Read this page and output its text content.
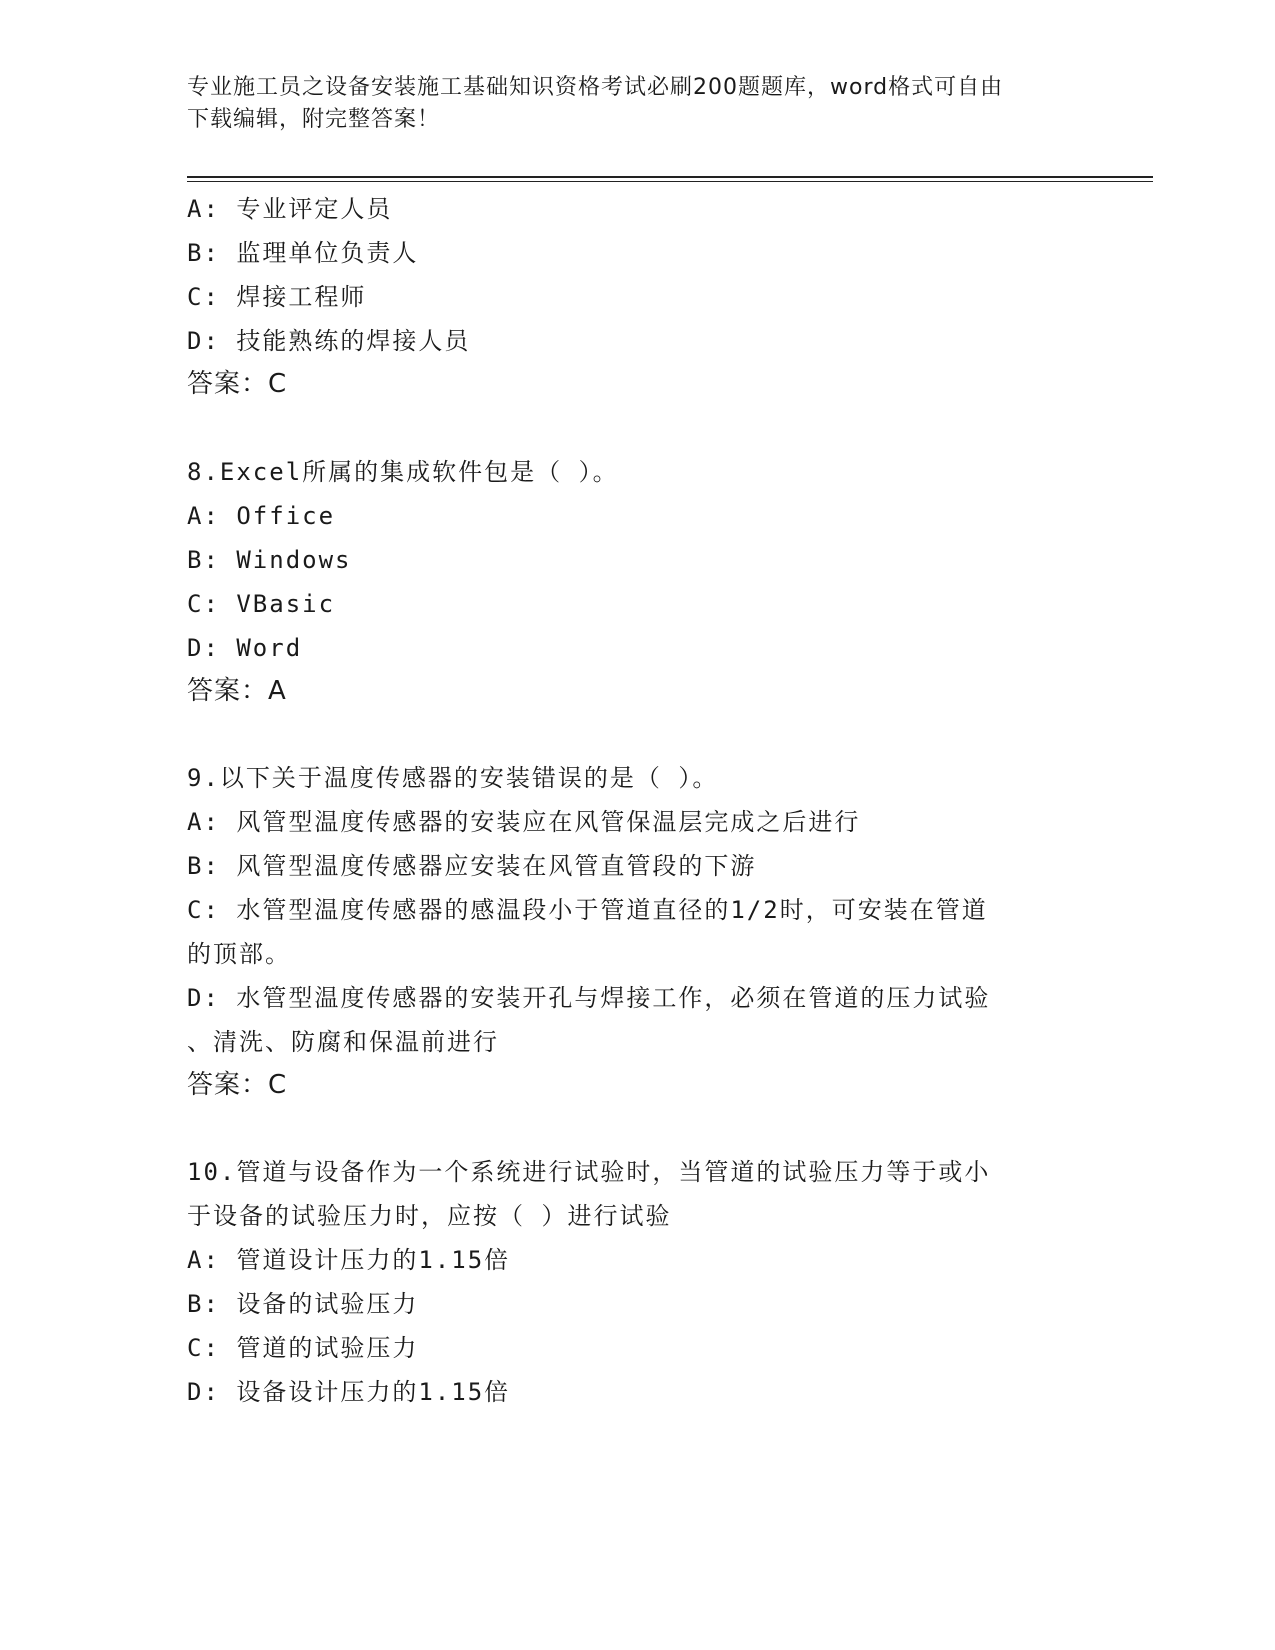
专业施工员之设备安装施工基础知识资格考试必刷200题题库，word格式可自由
下载编辑，附完整答案！
A: 专业评定人员
B: 监理单位负责人
C: 焊接工程师
D: 技能熟练的焊接人员
答案：C
8.Excel所属的集成软件包是（ ）。
A: Office
B: Windows
C: VBasic
D: Word
答案：A
9.以下关于温度传感器的安装错误的是（ ）。
A: 风管型温度传感器的安装应在风管保温层完成之后进行
B: 风管型温度传感器应安装在风管直管段的下游
C: 水管型温度传感器的感温段小于管道直径的1/2时，可安装在管道
的顶部。
D: 水管型温度传感器的安装开孔与焊接工作，必须在管道的压力试验
、清洗、防腐和保温前进行
答案：C
10.管道与设备作为一个系统进行试验时，当管道的试验压力等于或小
于设备的试验压力时，应按（ ）进行试验
A: 管道设计压力的1.15倍
B: 设备的试验压力
C: 管道的试验压力
D: 设备设计压力的1.15倍
